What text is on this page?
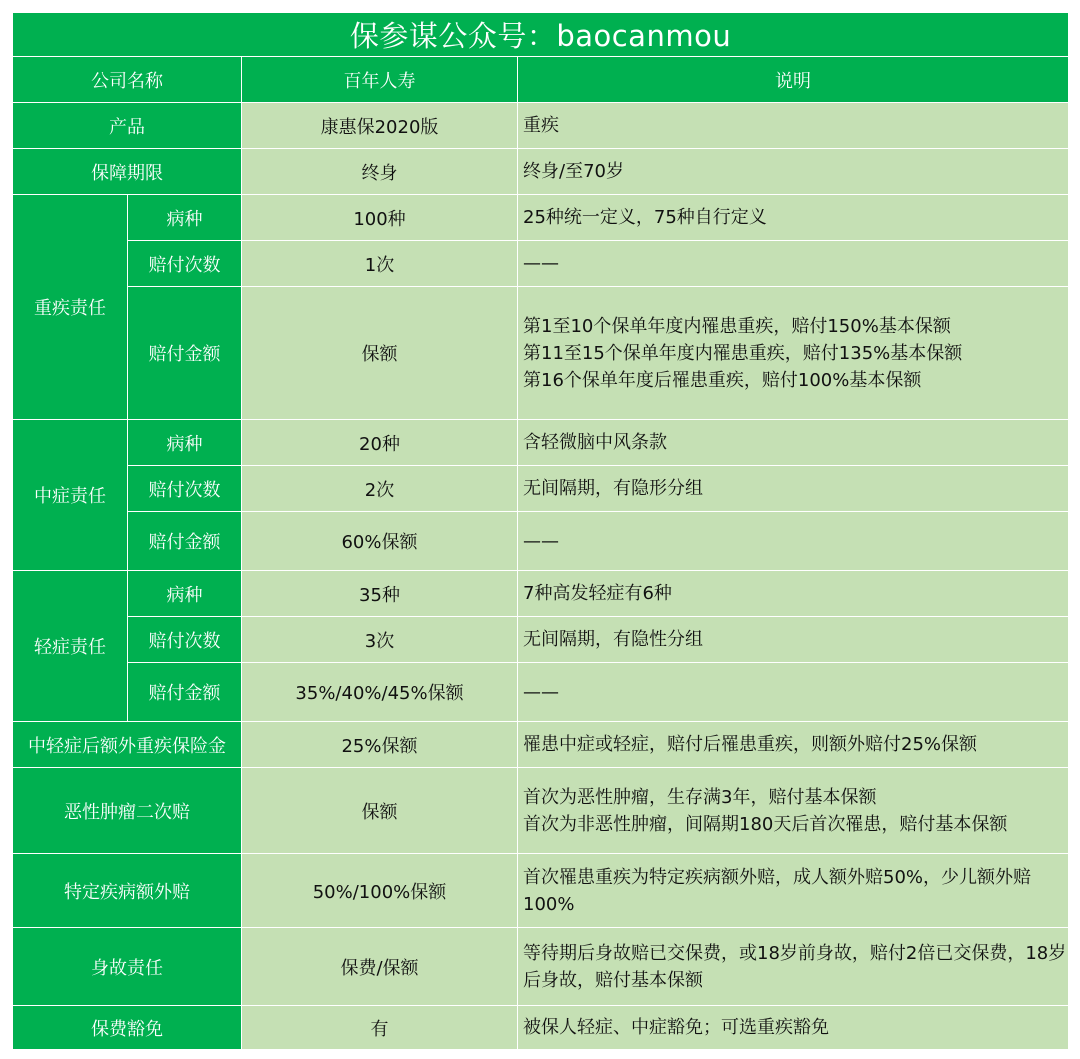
保参谋公众号：baocanmou			
公司名称		百年人寿	说明
产品		康惠保2020版	重疾
保障期限		终身	终身/至70岁
重疾责任	病种	100种	25种统一定义，75种自行定义
	赔付次数	1次	——
	赔付金额	保额	第1至10个保单年度内罹患重疾，赔付150%基本保额
第11至15个保单年度内罹患重疾，赔付135%基本保额
第16个保单年度后罹患重疾，赔付100%基本保额

中症责任	病种	20种	含轻微脑中风条款
	赔付次数	2次	无间隔期，有隐形分组
	赔付金额	60%保额	——
轻症责任	病种	35种	7种高发轻症有6种
	赔付次数	3次	无间隔期，有隐性分组
	赔付金额	35%/40%/45%保额	——
中轻症后额外重疾保险金		25%保额	罹患中症或轻症，赔付后罹患重疾，则额外赔付25%保额
恶性肿瘤二次赔		保额	首次为恶性肿瘤，生存满3年，赔付基本保额
首次为非恶性肿瘤，间隔期180天后首次罹患，赔付基本保额

特定疾病额外赔		50%/100%保额	首次罹患重疾为特定疾病额外赔，成人额外赔50%，少儿额外赔100%
身故责任		保费/保额	等待期后身故赔已交保费，或18岁前身故，赔付2倍已交保费，18岁后身故，赔付基本保额
保费豁免		有	被保人轻症、中症豁免；可选重疾豁免
